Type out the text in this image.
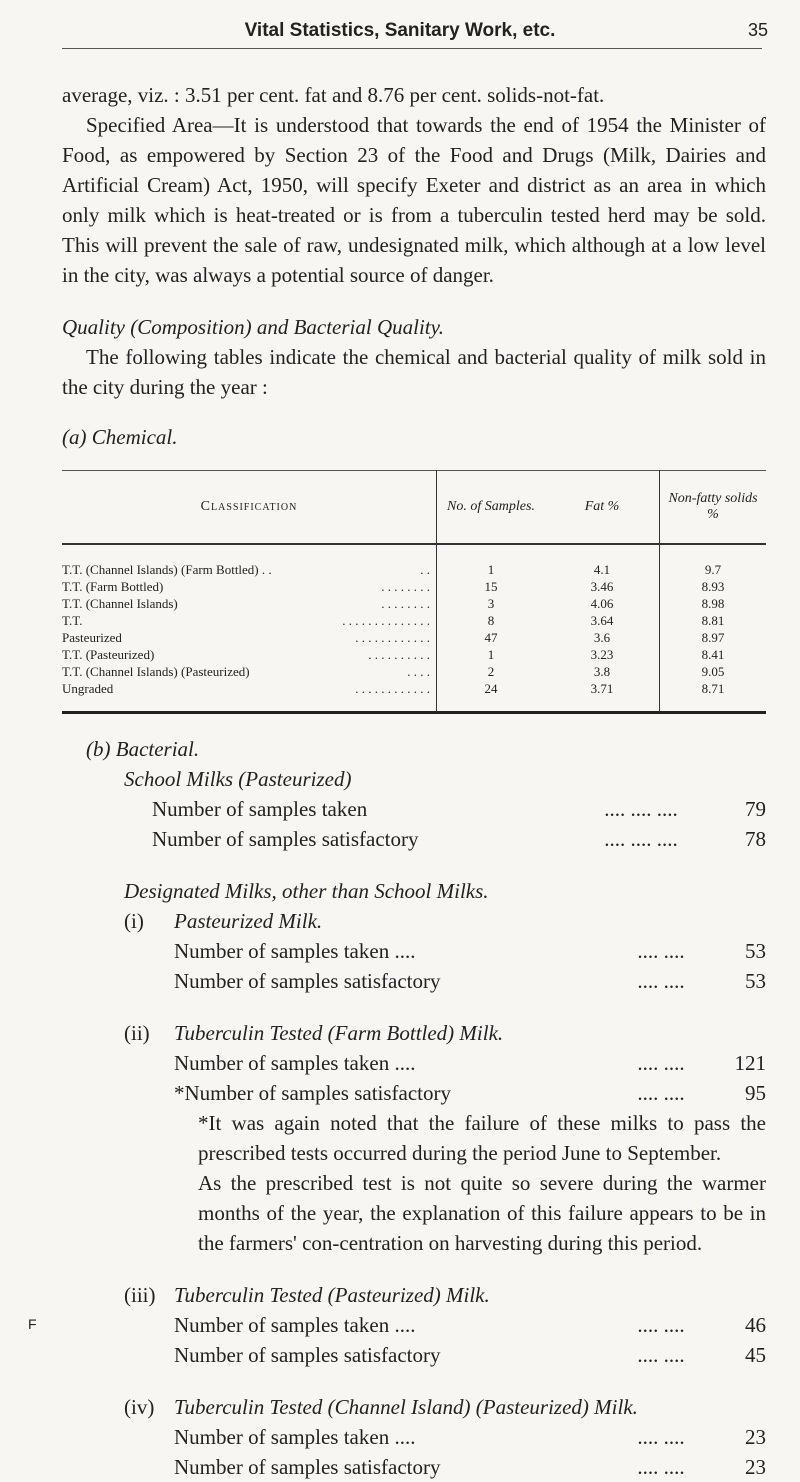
Vital Statistics, Sanitary Work, etc.	35

average, viz. : 3.51 per cent. fat and 8.76 per cent. solids-not-fat.

Specified Area—It is understood that towards the end of 1954 the Minister of Food, as empowered by Section 23 of the Food and Drugs (Milk, Dairies and Artificial Cream) Act, 1950, will specify Exeter and district as an area in which only milk which is heat-treated or is from a tuberculin tested herd may be sold. This will prevent the sale of raw, undesignated milk, which although at a low level in the city, was always a potential source of danger.

Quality (Composition) and Bacterial Quality.

The following tables indicate the chemical and bacterial quality of milk sold in the city during the year :

(a) Chemical.

Classification	No. of Samples.	Fat %	Non-fatty solids %
T.T. (Channel Islands) (Farm Bottled) . . . .	1	4.1	9.7
T.T. (Farm Bottled) . . . . . . . .	15	3.46	8.93
T.T. (Channel Islands) . . . . . . . .	3	4.06	8.98
T.T. . . . . . . . . . . . . . .	8	3.64	8.81
Pasteurized . . . . . . . . . . . .	47	3.6	8.97
T.T. (Pasteurized) . . . . . . . . . .	1	3.23	8.41
T.T. (Channel Islands) (Pasteurized) . . . .	2	3.8	9.05
Ungraded . . . . . . . . . . . .	24	3.71	8.71

(b) Bacterial.

School Milks (Pasteurized)

Number of samples taken	.... .... ....	79
Number of samples satisfactory	.... .... ....	78

Designated Milks, other than School Milks.

(i)	Pasteurized Milk.

Number of samples taken ....	.... ....	53
Number of samples satisfactory	.... ....	53
(ii)	Tuberculin Tested (Farm Bottled) Milk.

Number of samples taken ....	.... ....	121
*Number of samples satisfactory	.... ....	95

*It was again noted that the failure of these milks to pass the prescribed tests occurred during the period June to September.

As the prescribed test is not quite so severe during the warmer months of the year, the explanation of this failure appears to be in the farmers' con-centration on harvesting during this period.

(iii) Tuberculin Tested (Pasteurized) Milk.

Number of samples taken ....	.... ....	46
Number of samples satisfactory	.... ....	45
(iv) Tuberculin Tested (Channel Island) (Pasteurized) Milk.

Number of samples taken ....	.... ....	23
Number of samples satisfactory	.... ....	23
F
